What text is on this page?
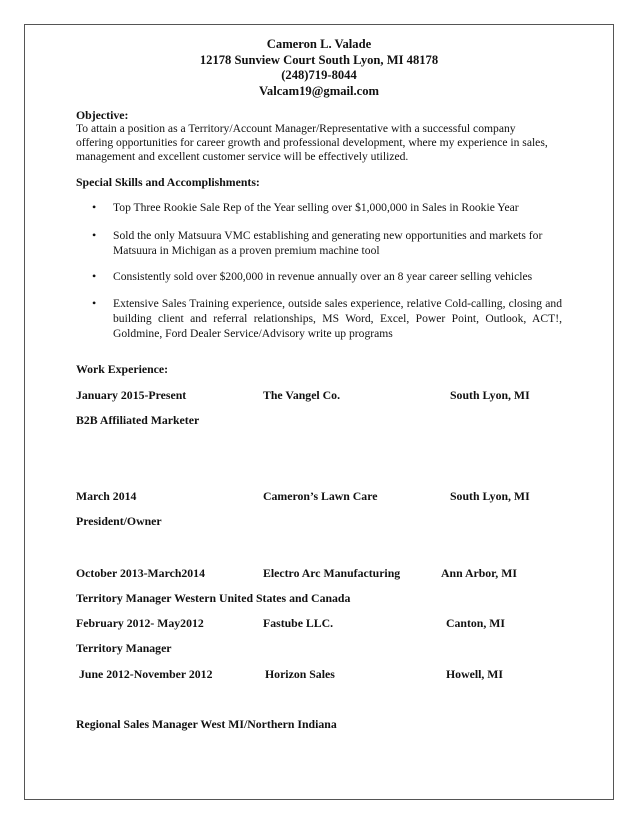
Cameron L. Valade
12178 Sunview Court South Lyon, MI 48178
(248)719-8044
Valcam19@gmail.com
Objective:
To attain a position as a Territory/Account Manager/Representative with a successful company
offering opportunities for career growth and professional development, where my experience in sales,
management and excellent customer service will be effectively utilized.
Special Skills and Accomplishments:
•	Top Three Rookie Sale Rep of the Year selling over $1,000,000 in Sales in Rookie Year
•	Sold the only Matsuura VMC establishing and generating new opportunities and markets for Matsuura in Michigan as a proven premium machine tool
•	Consistently sold over $200,000 in revenue annually over an 8 year career selling vehicles
•	Extensive Sales Training experience, outside sales experience, relative Cold-calling, closing and building client and referral relationships, MS Word, Excel, Power Point, Outlook, ACT!, Goldmine, Ford Dealer Service/Advisory write up programs
Work Experience:
January 2015-Present	The Vangel Co.	South Lyon, MI
B2B Affiliated Marketer
March 2014	Cameron’s Lawn Care	South Lyon, MI
President/Owner
October 2013-March2014	Electro Arc Manufacturing	Ann Arbor, MI
Territory Manager Western United States and Canada
February 2012- May2012	Fastube LLC.	Canton, MI
Territory Manager
June 2012-November 2012	Horizon Sales	Howell, MI
Regional Sales Manager West MI/Northern Indiana
